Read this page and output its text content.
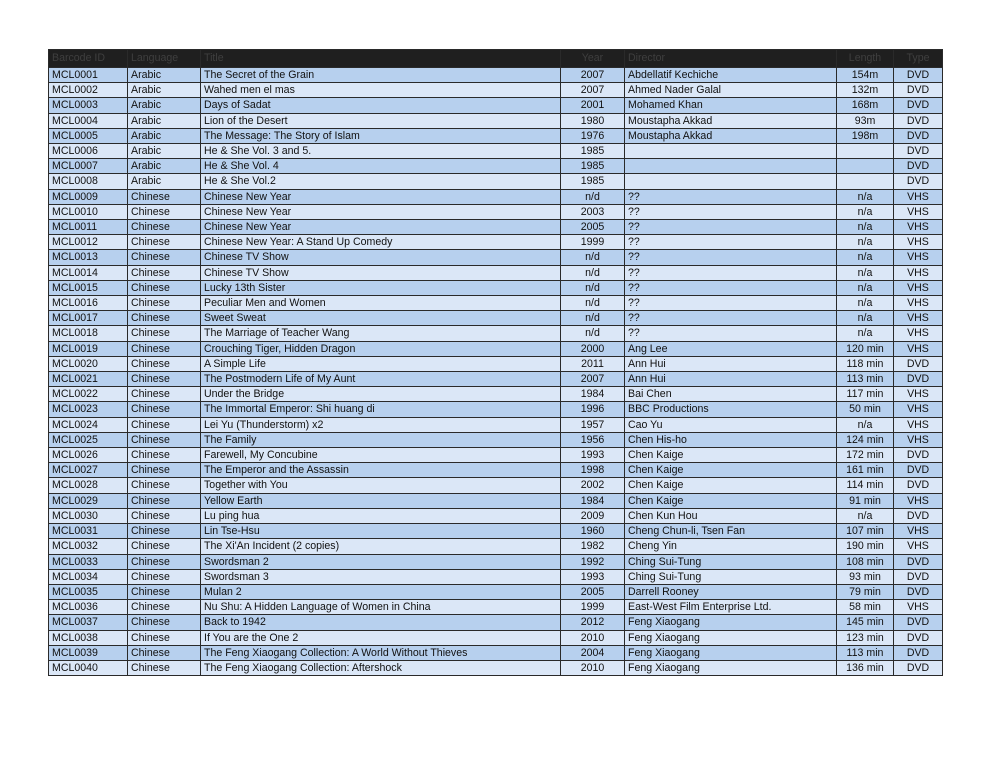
Barcode ID	Language	Title	Year	Director	Length	Type
MCL0001	Arabic	The Secret of the Grain	2007	Abdellatif Kechiche	154m	DVD
MCL0002	Arabic	Wahed men el mas	2007	Ahmed Nader Galal	132m	DVD
MCL0003	Arabic	Days of Sadat	2001	Mohamed Khan	168m	DVD
MCL0004	Arabic	Lion of the Desert	1980	Moustapha Akkad	93m	DVD
MCL0005	Arabic	The Message: The Story of Islam	1976	Moustapha Akkad	198m	DVD
MCL0006	Arabic	He & She Vol. 3 and 5.	1985			DVD
MCL0007	Arabic	He & She Vol. 4	1985			DVD
MCL0008	Arabic	He & She Vol.2	1985			DVD
MCL0009	Chinese	Chinese New Year	n/d	??	n/a	VHS
MCL0010	Chinese	Chinese New Year	2003	??	n/a	VHS
MCL0011	Chinese	Chinese New Year	2005	??	n/a	VHS
MCL0012	Chinese	Chinese New Year: A Stand Up Comedy	1999	??	n/a	VHS
MCL0013	Chinese	Chinese TV Show	n/d	??	n/a	VHS
MCL0014	Chinese	Chinese TV Show	n/d	??	n/a	VHS
MCL0015	Chinese	Lucky 13th Sister	n/d	??	n/a	VHS
MCL0016	Chinese	Peculiar Men and Women	n/d	??	n/a	VHS
MCL0017	Chinese	Sweet Sweat	n/d	??	n/a	VHS
MCL0018	Chinese	The Marriage of Teacher Wang	n/d	??	n/a	VHS
MCL0019	Chinese	Crouching Tiger, Hidden Dragon	2000	Ang Lee	120 min	VHS
MCL0020	Chinese	A Simple Life	2011	Ann Hui	118 min	DVD
MCL0021	Chinese	The Postmodern Life of My Aunt	2007	Ann Hui	113 min	DVD
MCL0022	Chinese	Under the Bridge	1984	Bai Chen	117 min	VHS
MCL0023	Chinese	The Immortal Emperor: Shi huang di	1996	BBC Productions	50 min	VHS
MCL0024	Chinese	Lei Yu (Thunderstorm) x2	1957	Cao Yu	n/a	VHS
MCL0025	Chinese	The Family	1956	Chen His-ho	124 min	VHS
MCL0026	Chinese	Farewell, My Concubine	1993	Chen Kaige	172 min	DVD
MCL0027	Chinese	The Emperor and the Assassin	1998	Chen Kaige	161 min	DVD
MCL0028	Chinese	Together with You	2002	Chen Kaige	114 min	DVD
MCL0029	Chinese	Yellow Earth	1984	Chen Kaige	91 min	VHS
MCL0030	Chinese	Lu ping hua	2009	Chen Kun Hou	n/a	DVD
MCL0031	Chinese	Lin Tse-Hsu	1960	Cheng Chun-li, Tsen Fan	107 min	VHS
MCL0032	Chinese	The Xi'An Incident (2 copies)	1982	Cheng Yin	190 min	VHS
MCL0033	Chinese	Swordsman 2	1992	Ching Sui-Tung	108 min	DVD
MCL0034	Chinese	Swordsman 3	1993	Ching Sui-Tung	93 min	DVD
MCL0035	Chinese	Mulan 2	2005	Darrell Rooney	79 min	DVD
MCL0036	Chinese	Nu Shu: A Hidden Language of Women in China	1999	East-West Film Enterprise Ltd.	58 min	VHS
MCL0037	Chinese	Back to 1942	2012	Feng Xiaogang	145 min	DVD
MCL0038	Chinese	If You are the One 2	2010	Feng Xiaogang	123 min	DVD
MCL0039	Chinese	The Feng Xiaogang Collection: A World Without Thieves	2004	Feng Xiaogang	113 min	DVD
MCL0040	Chinese	The Feng Xiaogang Collection: Aftershock	2010	Feng Xiaogang	136 min	DVD
